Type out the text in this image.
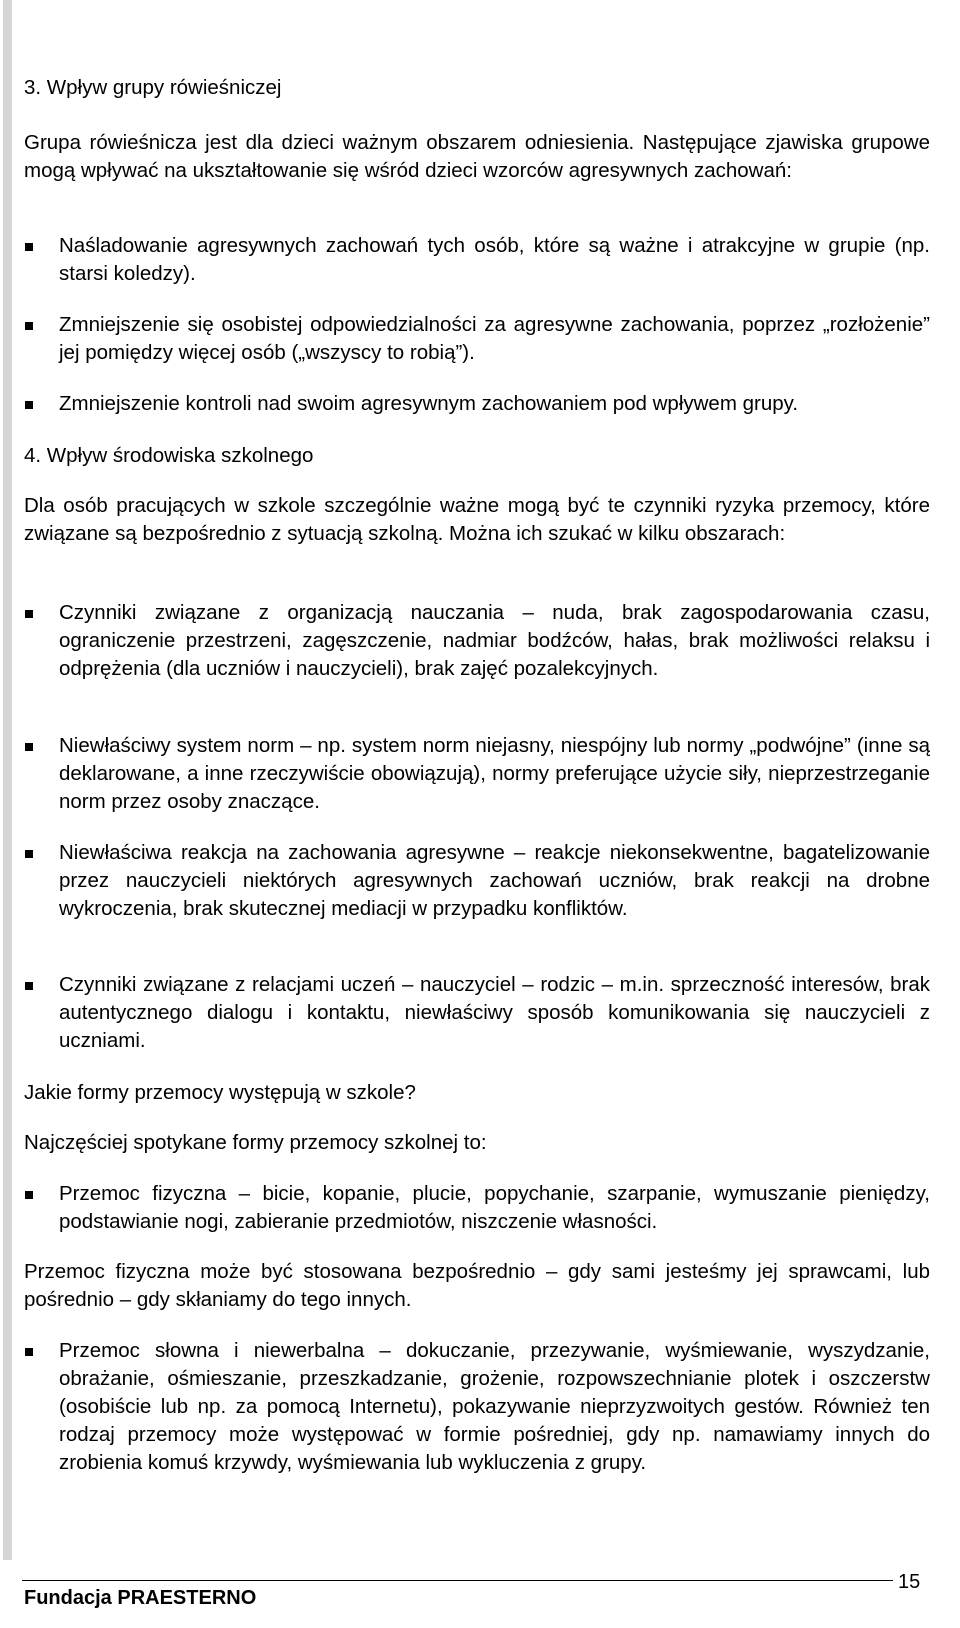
3. Wpływ grupy rówieśniczej

Grupa rówieśnicza jest dla dzieci ważnym obszarem odniesienia. Następujące zjawiska grupowe mogą wpływać na ukształtowanie się wśród dzieci wzorców agresywnych zachowań:

Naśladowanie agresywnych zachowań tych osób, które są ważne i atrakcyjne w grupie (np. starsi koledzy).

Zmniejszenie się osobistej odpowiedzialności za agresywne zachowania, poprzez „rozłożenie” jej pomiędzy więcej osób („wszyscy to robią”).

Zmniejszenie kontroli nad swoim agresywnym zachowaniem pod wpływem grupy.

4. Wpływ środowiska szkolnego

Dla osób pracujących w szkole szczególnie ważne mogą być te czynniki ryzyka przemocy, które związane są bezpośrednio z sytuacją szkolną. Można ich szukać w kilku obszarach:

Czynniki związane z organizacją nauczania – nuda, brak zagospodarowania czasu, ograniczenie przestrzeni, zagęszczenie, nadmiar bodźców, hałas, brak możliwości relaksu i odprężenia (dla uczniów i nauczycieli), brak zajęć pozalekcyjnych.

Niewłaściwy system norm – np. system norm niejasny, niespójny lub normy „podwójne” (inne są deklarowane, a inne rzeczywiście obowiązują), normy preferujące użycie siły, nieprzestrzeganie norm przez osoby znaczące.

Niewłaściwa reakcja na zachowania agresywne – reakcje niekonsekwentne, bagatelizowanie przez nauczycieli niektórych agresywnych zachowań uczniów, brak reakcji na drobne wykroczenia, brak skutecznej mediacji w przypadku konfliktów.

Czynniki związane z relacjami uczeń – nauczyciel – rodzic – m.in. sprzeczność interesów, brak autentycznego dialogu i kontaktu, niewłaściwy sposób komunikowania się nauczycieli z uczniami.

Jakie formy przemocy występują w szkole?

Najczęściej spotykane formy przemocy szkolnej to:

Przemoc fizyczna – bicie, kopanie, plucie, popychanie, szarpanie, wymuszanie pieniędzy, podstawianie nogi, zabieranie przedmiotów, niszczenie własności.

Przemoc fizyczna może być stosowana bezpośrednio – gdy sami jesteśmy jej sprawcami, lub pośrednio – gdy skłaniamy do tego innych.

Przemoc słowna i niewerbalna – dokuczanie, przezywanie, wyśmiewanie, wyszydzanie, obrażanie, ośmieszanie, przeszkadzanie, grożenie, rozpowszechnianie plotek i oszczerstw (osobiście lub np. za pomocą Internetu), pokazywanie nieprzyzwoitych gestów. Również ten rodzaj przemocy może występować w formie pośredniej, gdy np. namawiamy innych do zrobienia komuś krzywdy, wyśmiewania lub wykluczenia z grupy.

Fundacja PRAESTERNO
15
